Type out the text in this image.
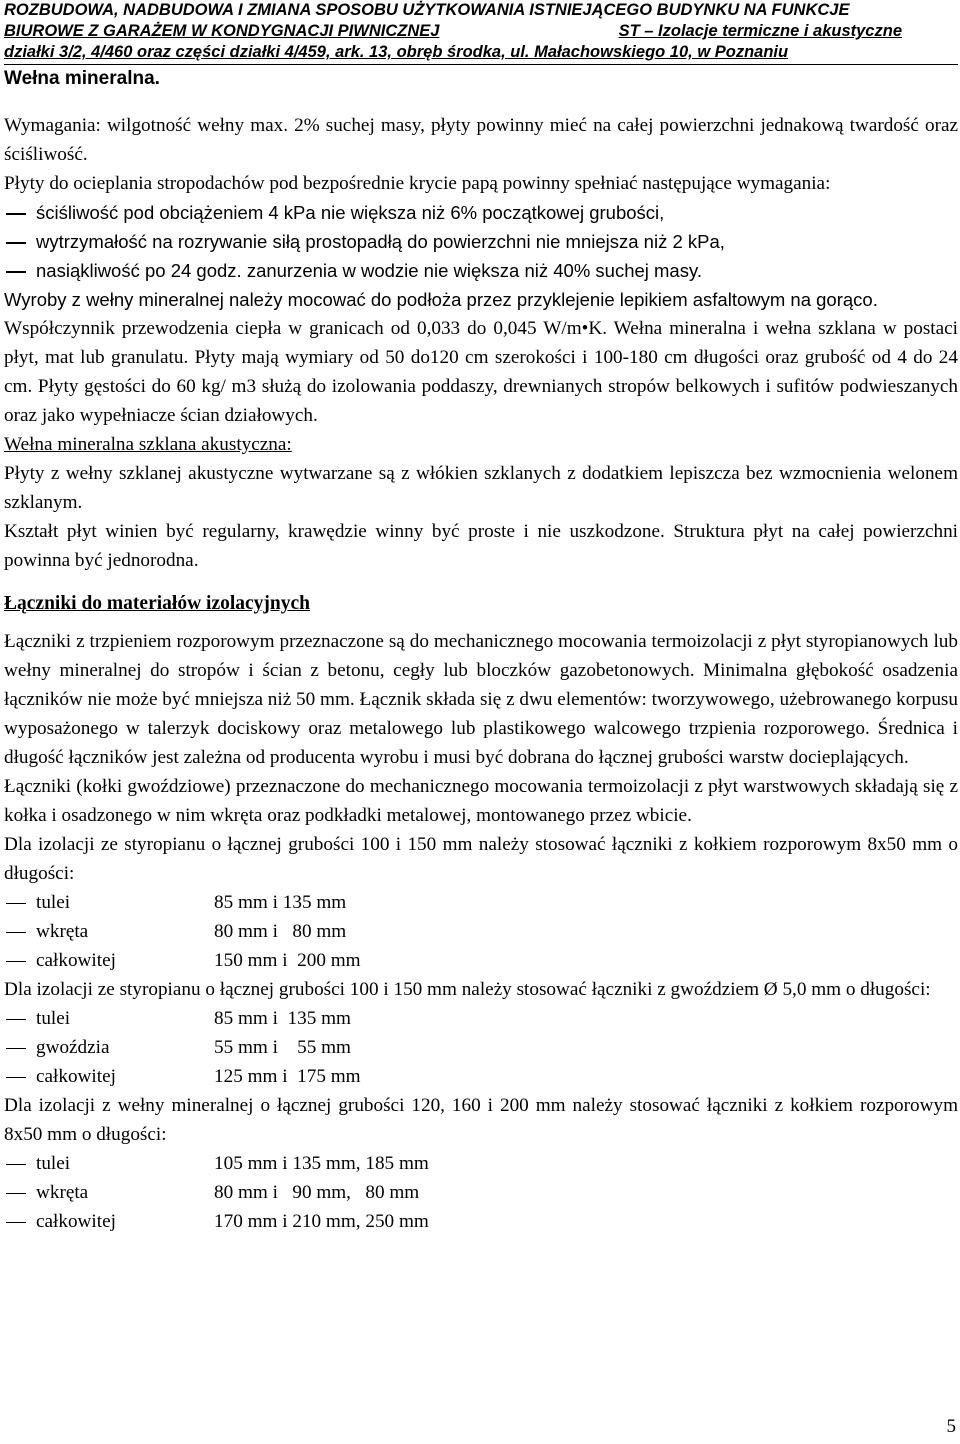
ROZBUDOWA, NADBUDOWA I ZMIANA SPOSOBU UŻYTKOWANIA ISTNIEJĄCEGO BUDYNKU NA FUNKCJE
BIUROWE Z GARAŻEM W KONDYGNACJI PIWNICZNEJ	ST – Izolacje termiczne i akustyczne
działki 3/2, 4/460 oraz części działki 4/459, ark. 13, obręb środka, ul. Małachowskiego 10, w Poznaniu

Wełna mineralna.

Wymagania: wilgotność wełny max. 2% suchej masy, płyty powinny mieć na całej powierzchni jednakową twardość oraz ściśliwość.

Płyty do ocieplania stropodachów pod bezpośrednie krycie papą powinny spełniać następujące wymagania:

ściśliwość pod obciążeniem 4 kPa nie większa niż 6% początkowej grubości,
wytrzymałość na rozrywanie siłą prostopadłą do powierzchni nie mniejsza niż 2 kPa,
nasiąkliwość po 24 godz. zanurzenia w wodzie nie większa niż 40% suchej masy.

Wyroby z wełny mineralnej należy mocować do podłoża przez przyklejenie lepikiem asfaltowym na gorąco.

Współczynnik przewodzenia ciepła w granicach od 0,033 do 0,045 W/m•K. Wełna mineralna i wełna szklana w postaci płyt, mat lub granulatu. Płyty mają wymiary od 50 do120 cm szerokości i 100-180 cm długości oraz grubość od 4 do 24 cm. Płyty gęstości do 60 kg/ m3 służą do izolowania poddaszy, drewnianych stropów belkowych i sufitów podwieszanych oraz jako wypełniacze ścian działowych.

Wełna mineralna szklana akustyczna:

Płyty z wełny szklanej akustyczne wytwarzane są z włókien szklanych z dodatkiem lepiszcza bez wzmocnienia welonem szklanym.

Kształt płyt winien być regularny, krawędzie winny być proste i nie uszkodzone. Struktura płyt na całej powierzchni powinna być jednorodna.

Łączniki do materiałów izolacyjnych

Łączniki z trzpieniem rozporowym przeznaczone są do mechanicznego mocowania termoizolacji z płyt styropianowych lub wełny mineralnej do stropów i ścian z betonu, cegły lub bloczków gazobetonowych. Minimalna głębokość osadzenia łączników nie może być mniejsza niż 50 mm. Łącznik składa się z dwu elementów: tworzywowego, użebrowanego korpusu wyposażonego w talerzyk dociskowy oraz metalowego lub plastikowego walcowego trzpienia rozporowego. Średnica i długość łączników jest zależna od producenta wyrobu i musi być dobrana do łącznej grubości warstw docieplających.

Łączniki (kołki gwoździowe) przeznaczone do mechanicznego mocowania termoizolacji z płyt warstwowych składają się z kołka i osadzonego w nim wkręta oraz podkładki metalowej, montowanego przez wbicie.

Dla izolacji ze styropianu o łącznej grubości 100 i 150 mm należy stosować łączniki z kołkiem rozporowym 8x50 mm o długości:

tulei	85 mm i 135 mm
wkręta	80 mm i   80 mm
całkowitej	150 mm i  200 mm

Dla izolacji ze styropianu o łącznej grubości 100 i 150 mm należy stosować łączniki z gwoździem Ø 5,0 mm o długości:

tulei	85 mm i  135 mm
gwoździa	55 mm i    55 mm
całkowitej	125 mm i  175 mm

Dla izolacji z wełny mineralnej o łącznej grubości 120, 160 i 200 mm należy stosować łączniki z kołkiem rozporowym 8x50 mm o długości:

tulei	105 mm i 135 mm, 185 mm
wkręta	80 mm i   90 mm,   80 mm
całkowitej	170 mm i 210 mm, 250 mm
5
